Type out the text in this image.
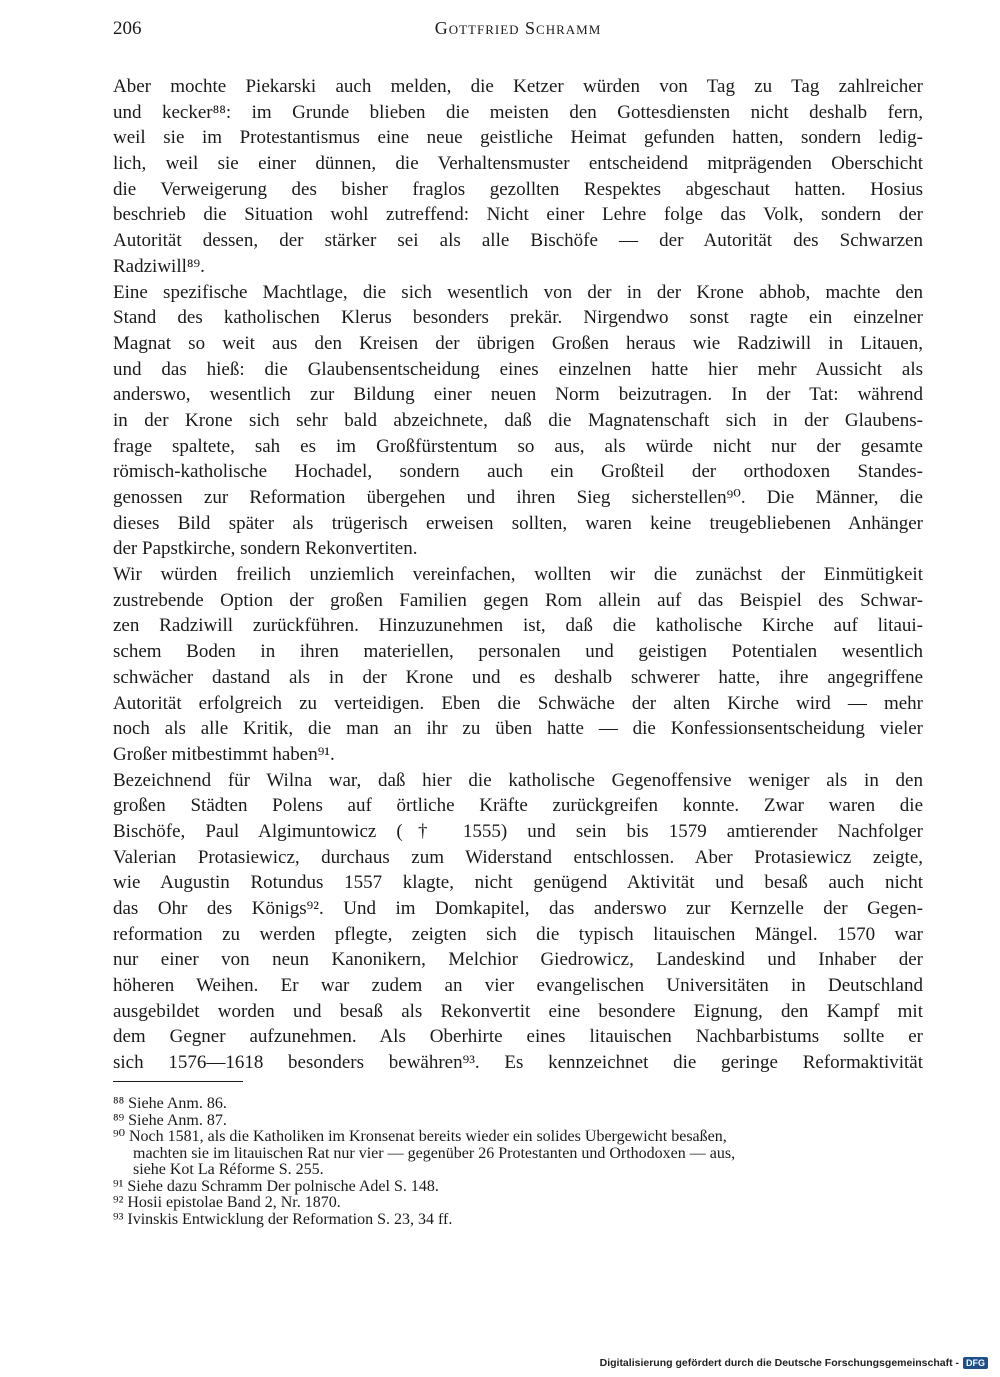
206	Gottfried Schramm
Aber mochte Piekarski auch melden, die Ketzer würden von Tag zu Tag zahlreicher
und kecker⁸⁸: im Grunde blieben die meisten den Gottesdiensten nicht deshalb fern,
weil sie im Protestantismus eine neue geistliche Heimat gefunden hatten, sondern ledig-
lich, weil sie einer dünnen, die Verhaltensmuster entscheidend mitprägenden Oberschicht
die Verweigerung des bisher fraglos gezollten Respektes abgeschaut hatten. Hosius
beschrieb die Situation wohl zutreffend: Nicht einer Lehre folge das Volk, sondern der
Autorität dessen, der stärker sei als alle Bischöfe — der Autorität des Schwarzen
Radziwill⁸⁹.
Eine spezifische Machtlage, die sich wesentlich von der in der Krone abhob, machte den
Stand des katholischen Klerus besonders prekär. Nirgendwo sonst ragte ein einzelner
Magnat so weit aus den Kreisen der übrigen Großen heraus wie Radziwill in Litauen,
und das hieß: die Glaubensentscheidung eines einzelnen hatte hier mehr Aussicht als
anderswo, wesentlich zur Bildung einer neuen Norm beizutragen. In der Tat: während
in der Krone sich sehr bald abzeichnete, daß die Magnatenschaft sich in der Glaubens-
frage spaltete, sah es im Großfürstentum so aus, als würde nicht nur der gesamte
römisch-katholische Hochadel, sondern auch ein Großteil der orthodoxen Standes-
genossen zur Reformation übergehen und ihren Sieg sicherstellen⁹⁰. Die Männer, die
dieses Bild später als trügerisch erweisen sollten, waren keine treugebliebenen Anhänger
der Papstkirche, sondern Rekonvertiten.
Wir würden freilich unziemlich vereinfachen, wollten wir die zunächst der Einmütigkeit
zustrebende Option der großen Familien gegen Rom allein auf das Beispiel des Schwar-
zen Radziwill zurückführen. Hinzuzunehmen ist, daß die katholische Kirche auf litaui-
schem Boden in ihren materiellen, personalen und geistigen Potentialen wesentlich
schwächer dastand als in der Krone und es deshalb schwerer hatte, ihre angegriffene
Autorität erfolgreich zu verteidigen. Eben die Schwäche der alten Kirche wird — mehr
noch als alle Kritik, die man an ihr zu üben hatte — die Konfessionsentscheidung vieler
Großer mitbestimmt haben⁹¹.
Bezeichnend für Wilna war, daß hier die katholische Gegenoffensive weniger als in den
großen Städten Polens auf örtliche Kräfte zurückgreifen konnte. Zwar waren die
Bischöfe, Paul Algimuntowicz († 1555) und sein bis 1579 amtierender Nachfolger
Valerian Protasiewicz, durchaus zum Widerstand entschlossen. Aber Protasiewicz zeigte,
wie Augustin Rotundus 1557 klagte, nicht genügend Aktivität und besaß auch nicht
das Ohr des Königs⁹². Und im Domkapitel, das anderswo zur Kernzelle der Gegen-
reformation zu werden pflegte, zeigten sich die typisch litauischen Mängel. 1570 war
nur einer von neun Kanonikern, Melchior Giedrowicz, Landeskind und Inhaber der
höheren Weihen. Er war zudem an vier evangelischen Universitäten in Deutschland
ausgebildet worden und besaß als Rekonvertit eine besondere Eignung, den Kampf mit
dem Gegner aufzunehmen. Als Oberhirte eines litauischen Nachbarbistums sollte er
sich 1576—1618 besonders bewähren⁹³. Es kennzeichnet die geringe Reformaktivität
⁸⁸ Siehe Anm. 86.
⁸⁹ Siehe Anm. 87.
⁹⁰ Noch 1581, als die Katholiken im Kronsenat bereits wieder ein solides Übergewicht besaßen,
machten sie im litauischen Rat nur vier — gegenüber 26 Protestanten und Orthodoxen — aus,
siehe Kot La Réforme S. 255.
⁹¹ Siehe dazu Schramm Der polnische Adel S. 148.
⁹² Hosii epistolae Band 2, Nr. 1870.
⁹³ Ivinskis Entwicklung der Reformation S. 23, 34 ff.
Digitalisierung gefördert durch die Deutsche Forschungsgemeinschaft - DFG
